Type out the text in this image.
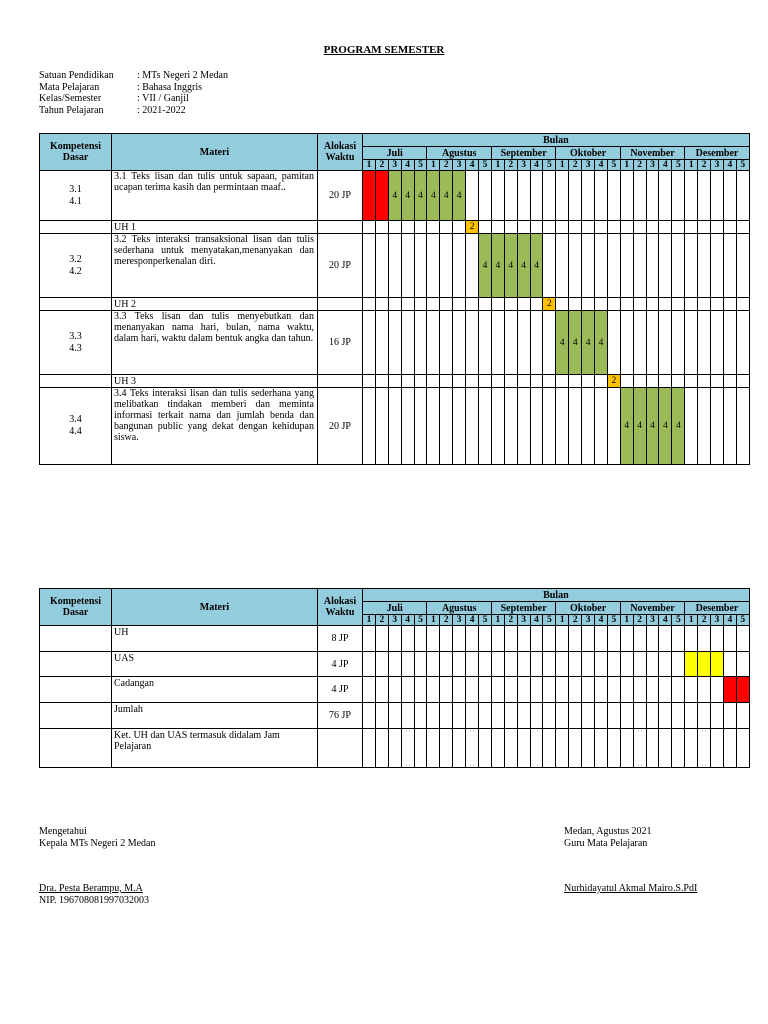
PROGRAM SEMESTER
Satuan Pendidikan	: MTs Negeri 2 Medan
Mata Pelajaran	: Bahasa Inggris
Kelas/Semester	: VII / Ganjil
Tahun Pelajaran	: 2021-2022
Kompetensi Dasar	Materi	Alokasi Waktu	Bulan																													
			Juli					Agustus					September					Oktober					November					Desember				
			1	2	3	4	5	1	2	3	4	5	1	2	3	4	5	1	2	3	4	5	1	2	3	4	5	1	2	3	4	5

3.1
4.1	3.1 Teks lisan dan tulis untuk sapaan, pamitan ucapan terima kasih dan permintaan maaf..	20 JP			4	4	4	4	4	4																						
	UH 1										2																					

3.2
4.2	3.2 Teks interaksi transaksional lisan dan tulis sederhana untuk menyatakan,menanyakan dan meresponperkenalan diri.	20 JP										4	4	4	4	4																
	UH 2																2															

3.3
4.3	3.3 Teks lisan dan tulis menyebutkan dan menanyakan nama hari, bulan, nama waktu, dalam hari, waktu dalam bentuk angka dan tahun.	16 JP																4	4	4	4											
	UH 3																					2										

3.4
4.4	3.4 Teks interaksi lisan dan tulis sederhana yang melibatkan tindakan memberi dan meminta informasi terkait nama dan jumlah benda dan bangunan public yang dekat dengan kehidupan siswa.	20 JP																					4	4	4	4	4					
Kompetensi Dasar	Materi	Alokasi Waktu	Bulan																													
			Juli					Agustus					September					Oktober					November					Desember				
			1	2	3	4	5	1	2	3	4	5	1	2	3	4	5	1	2	3	4	5	1	2	3	4	5	1	2	3	4	5
	UH	8 JP																														
	UAS	4 JP																														
	Cadangan	4 JP																														
	Jumlah	76 JP																														
	Ket. UH dan UAS termasuk didalam Jam Pelajaran																															
Mengetahui
Kepala MTs Negeri 2 Medan
Dra. Pesta Berampu, M.A
NIP. 196708081997032003
Medan, Agustus 2021
Guru Mata Pelajaran
Nurhidayatul Akmal Mairo.S.PdI
